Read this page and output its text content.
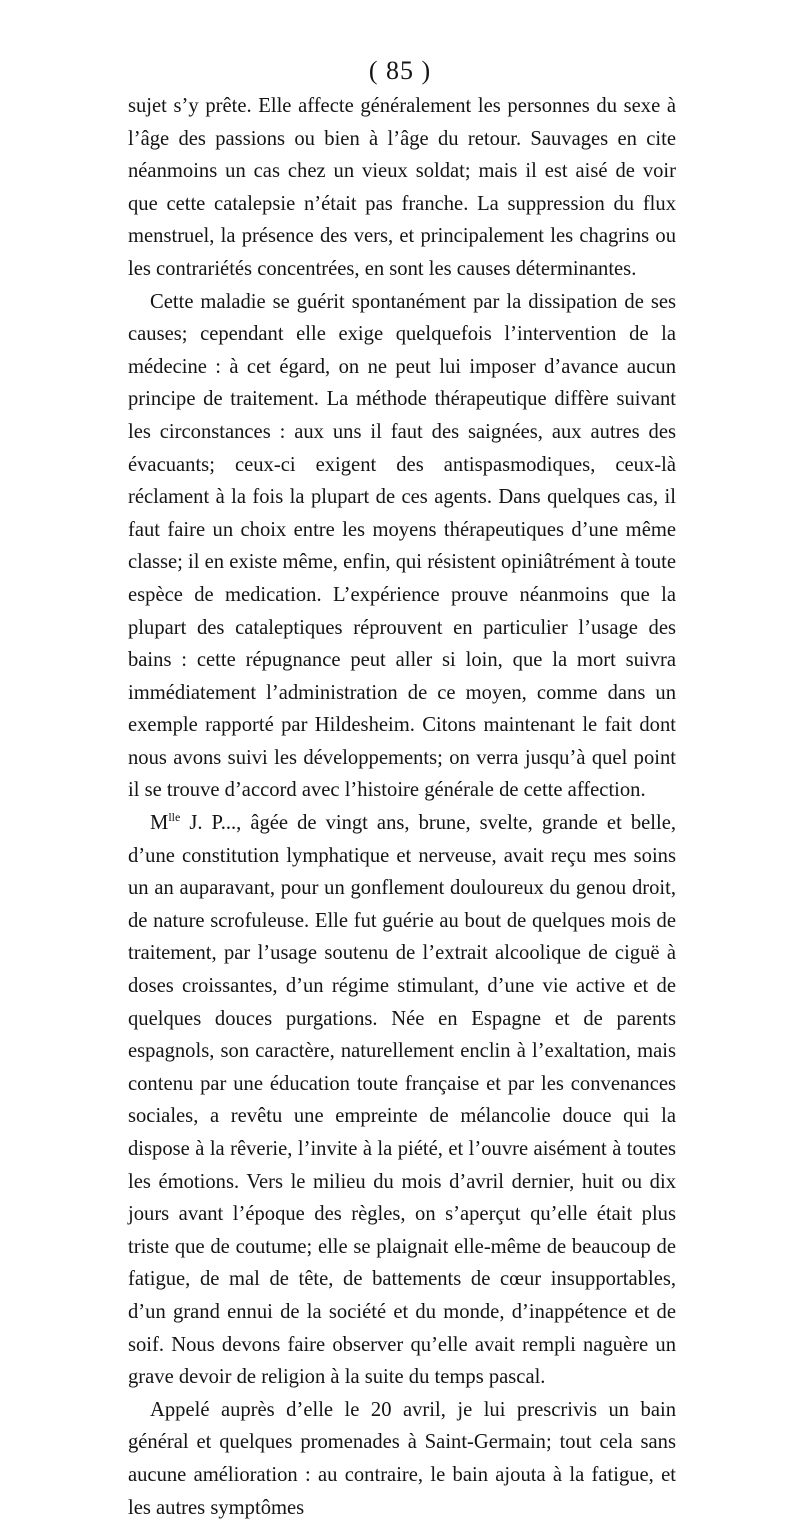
( 85 )

sujet s’y prête. Elle affecte généralement les personnes du sexe à l’âge des passions ou bien à l’âge du retour. Sauvages en cite néanmoins un cas chez un vieux soldat; mais il est aisé de voir que cette catalepsie n’était pas franche. La suppression du flux menstruel, la présence des vers, et principalement les chagrins ou les contrariétés concentrées, en sont les causes déterminantes.

Cette maladie se guérit spontanément par la dissipation de ses causes; cependant elle exige quelquefois l’intervention de la médecine : à cet égard, on ne peut lui imposer d’avance aucun principe de traitement. La méthode thérapeutique diffère suivant les circonstances : aux uns il faut des saignées, aux autres des évacuants; ceux-ci exigent des antispasmodiques, ceux-là réclament à la fois la plupart de ces agents. Dans quelques cas, il faut faire un choix entre les moyens thérapeutiques d’une même classe; il en existe même, enfin, qui résistent opiniâtrément à toute espèce de medication. L’expérience prouve néanmoins que la plupart des cataleptiques réprouvent en particulier l’usage des bains : cette répugnance peut aller si loin, que la mort suivra immédiatement l’administration de ce moyen, comme dans un exemple rapporté par Hildesheim. Citons maintenant le fait dont nous avons suivi les développements; on verra jusqu’à quel point il se trouve d’accord avec l’histoire générale de cette affection.

$M^{lle}$ J. P..., âgée de vingt ans, brune, svelte, grande et belle, d’une constitution lymphatique et nerveuse, avait reçu mes soins un an auparavant, pour un gonflement douloureux du genou droit, de nature scrofuleuse. Elle fut guérie au bout de quelques mois de traitement, par l’usage soutenu de l’extrait alcoolique de ciguë à doses croissantes, d’un régime stimulant, d’une vie active et de quelques douces purgations. Née en Espagne et de parents espagnols, son caractère, naturellement enclin à l’exaltation, mais contenu par une éducation toute française et par les convenances sociales, a revêtu une empreinte de mélancolie douce qui la dispose à la rêverie, l’invite à la piété, et l’ouvre aisément à toutes les émotions. Vers le milieu du mois d’avril dernier, huit ou dix jours avant l’époque des règles, on s’aperçut qu’elle était plus triste que de coutume; elle se plaignait elle-même de beaucoup de fatigue, de mal de tête, de battements de cœur insupportables, d’un grand ennui de la société et du monde, d’inappétence et de soif. Nous devons faire observer qu’elle avait rempli naguère un grave devoir de religion à la suite du temps pascal.

Appelé auprès d’elle le 20 avril, je lui prescrivis un bain général et quelques promenades à Saint-Germain; tout cela sans aucune amélioration : au contraire, le bain ajouta à la fatigue, et les autres symptômes
